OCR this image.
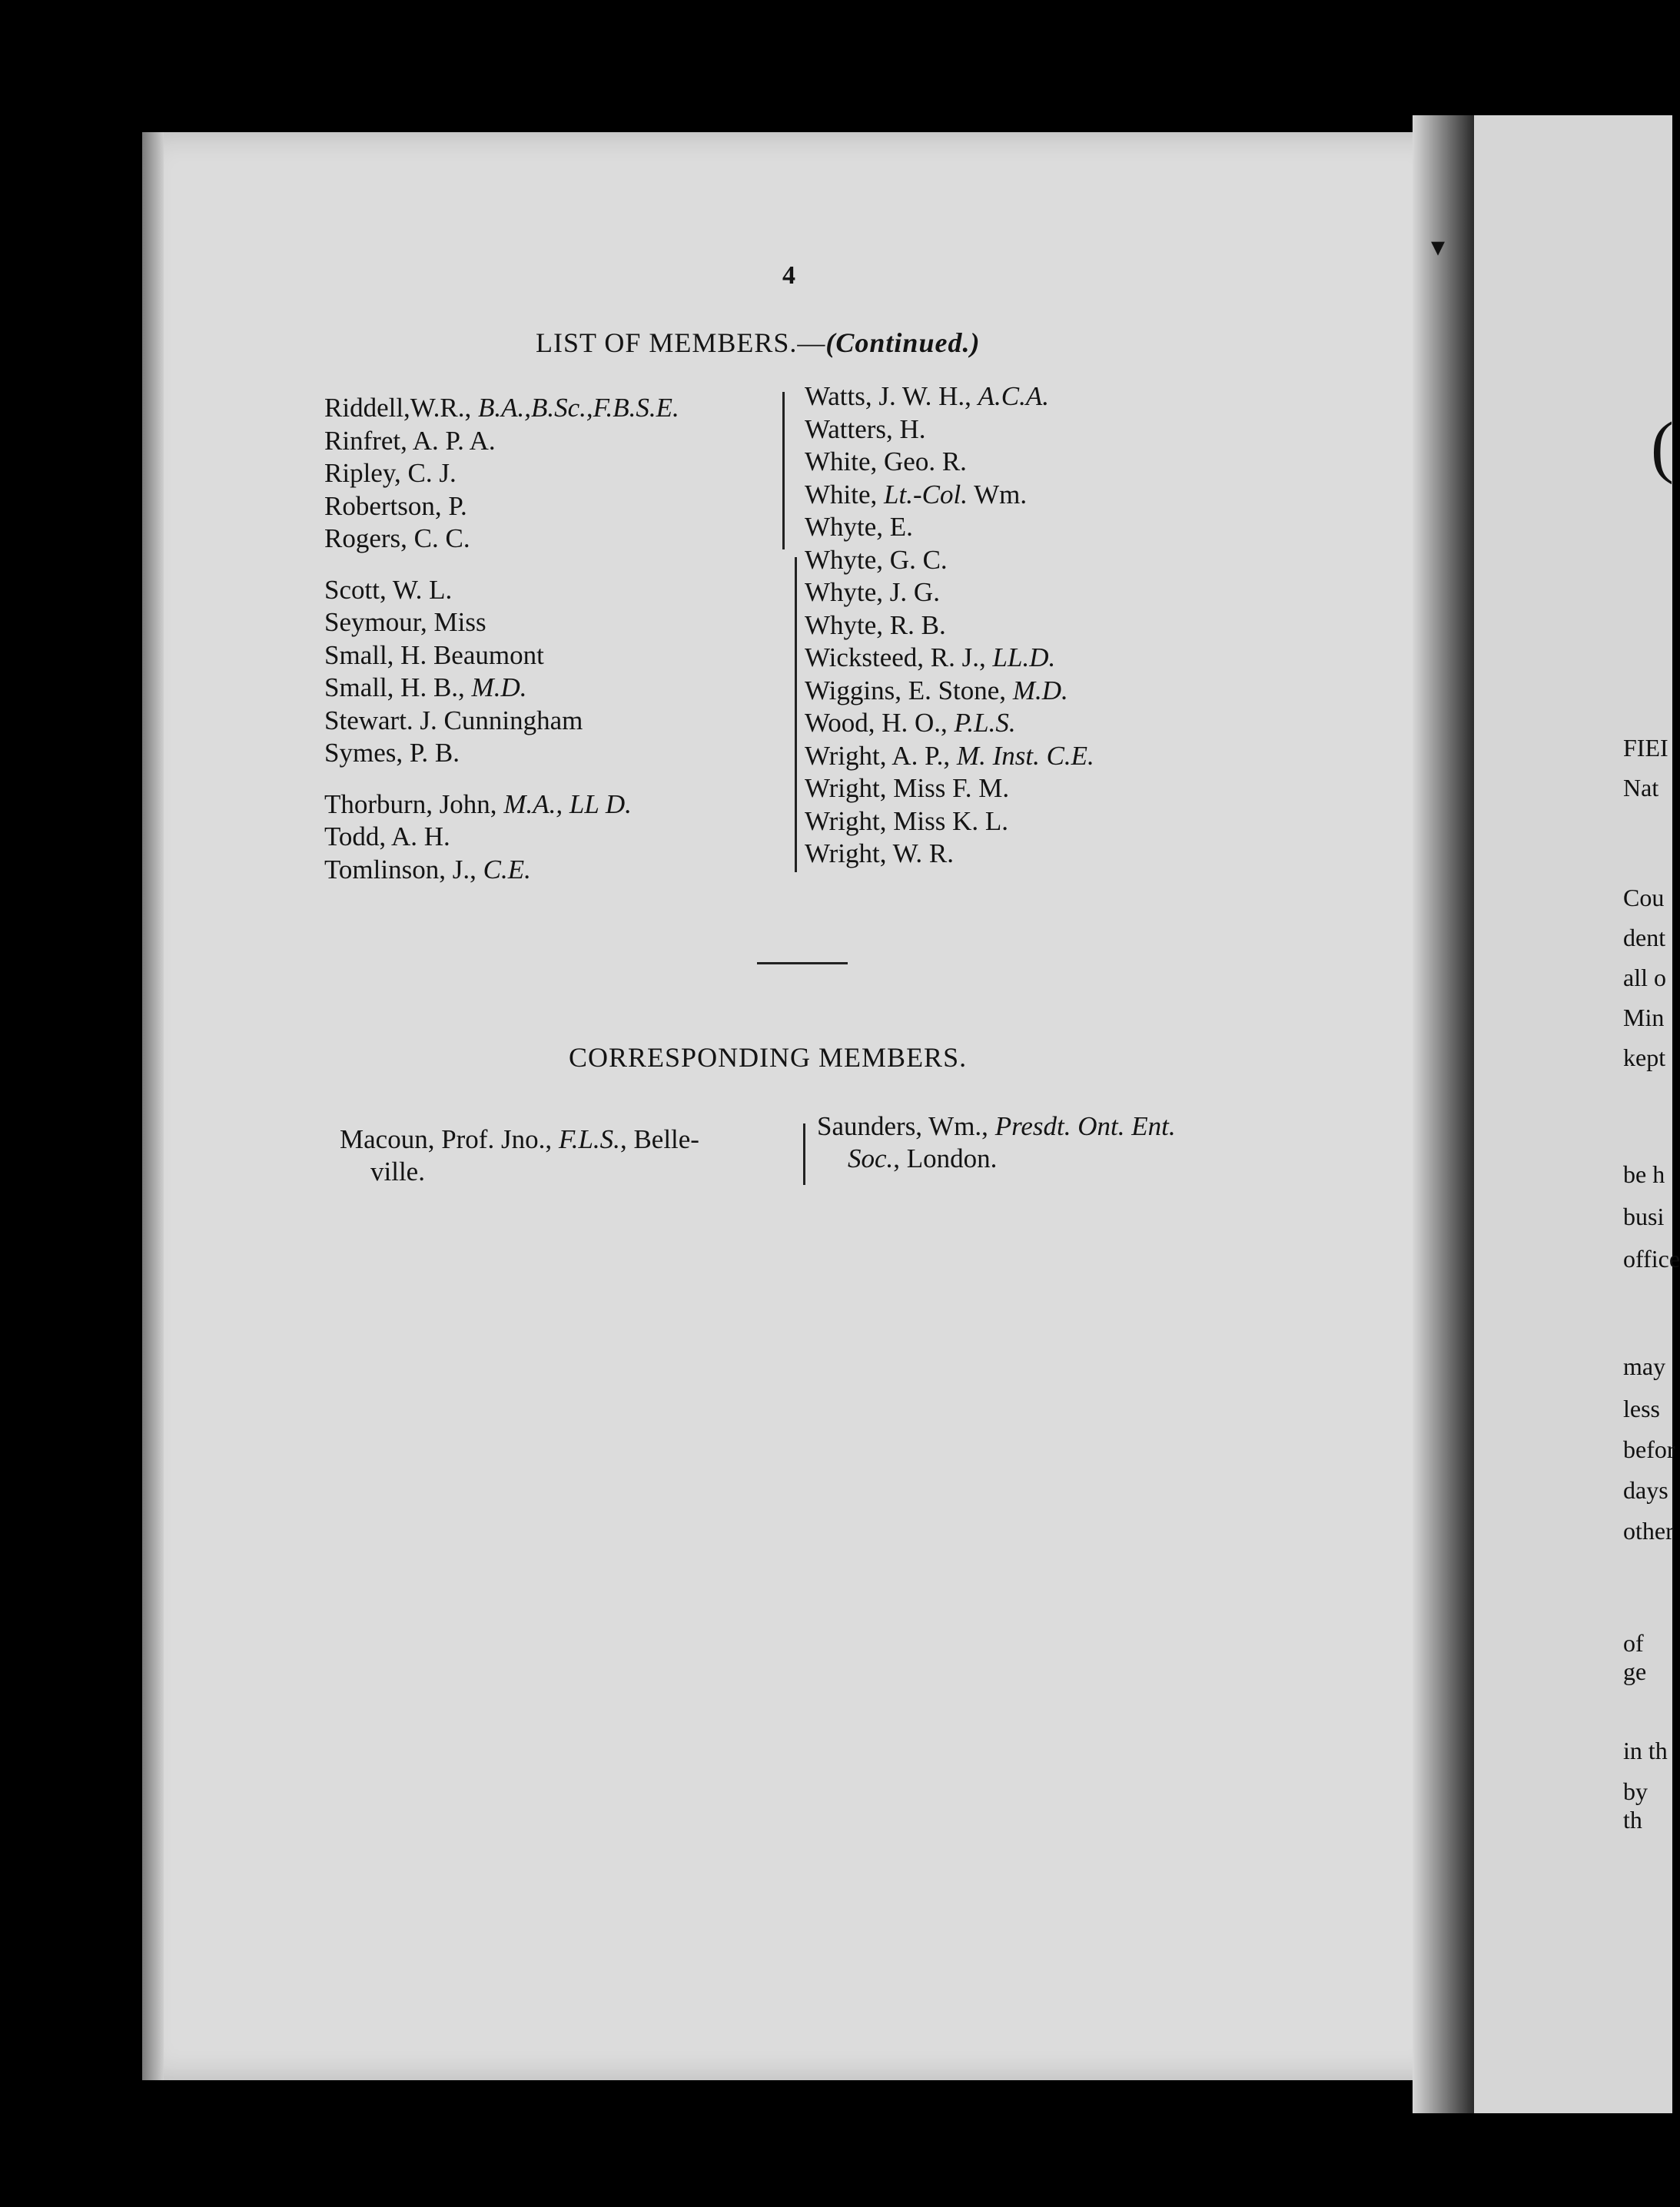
▾
4
LIST OF MEMBERS.—(Continued.)
Riddell,W.R., B.A.,B.Sc.,F.B.S.E.
Rinfret, A. P. A.
Ripley, C. J.
Robertson, P.
Rogers, C. C.
Scott, W. L.
Seymour, Miss
Small, H. Beaumont
Small, H. B., M.D.
Stewart. J. Cunningham
Symes, P. B.
Thorburn, John, M.A., LL D.
Todd, A. H.
Tomlinson, J., C.E.
Watts, J. W. H., A.C.A.
Watters, H.
White, Geo. R.
White, Lt.-Col. Wm.
Whyte, E.
Whyte, G. C.
Whyte, J. G.
Whyte, R. B.
Wicksteed, R. J., LL.D.
Wiggins, E. Stone, M.D.
Wood, H. O., P.L.S.
Wright, A. P., M. Inst. C.E.
Wright, Miss F. M.
Wright, Miss K. L.
Wright, W. R.
CORRESPONDING MEMBERS.
Macoun, Prof. Jno., F.L.S., Belle-
ville.
Saunders, Wm., Presdt. Ont. Ent.
Soc., London.
(
FIEI
Nat
Cou
dent
all o
Min
kept
be h
busi
office
may
less
befor
days
other
of ge
in th
by th
